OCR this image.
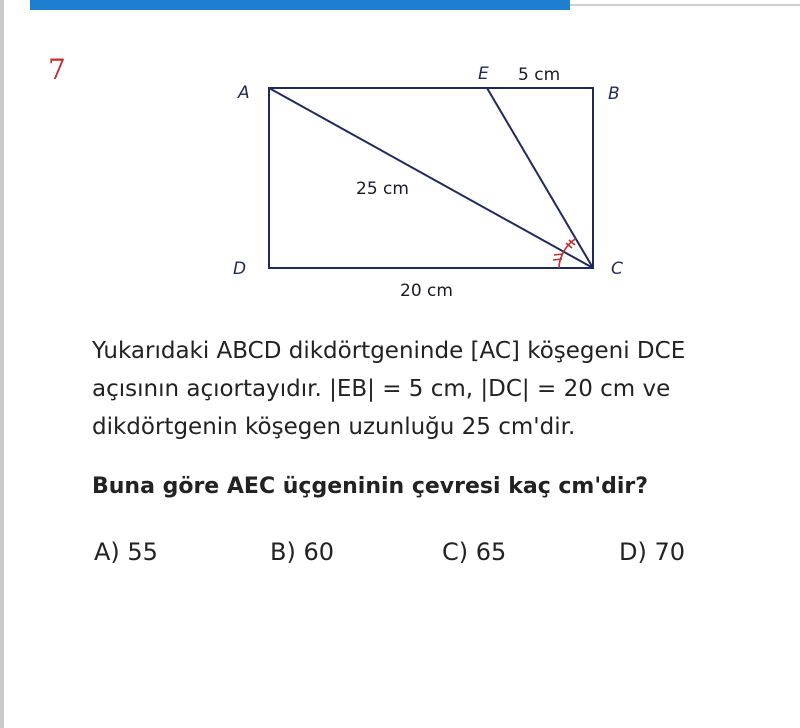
7
A
E
B
D	C
5 cm
25 cm
20 cm
Yukarıdaki ABCD dikdörtgeninde [AC] köşegeni DCE
açısının açıortayıdır. |EB| = 5 cm, |DC| = 20 cm ve
dikdörtgenin köşegen uzunluğu 25 cm'dir.
Buna göre AEC üçgeninin çevresi kaç cm'dir?
A) 55	B) 60	C) 65	D) 70
